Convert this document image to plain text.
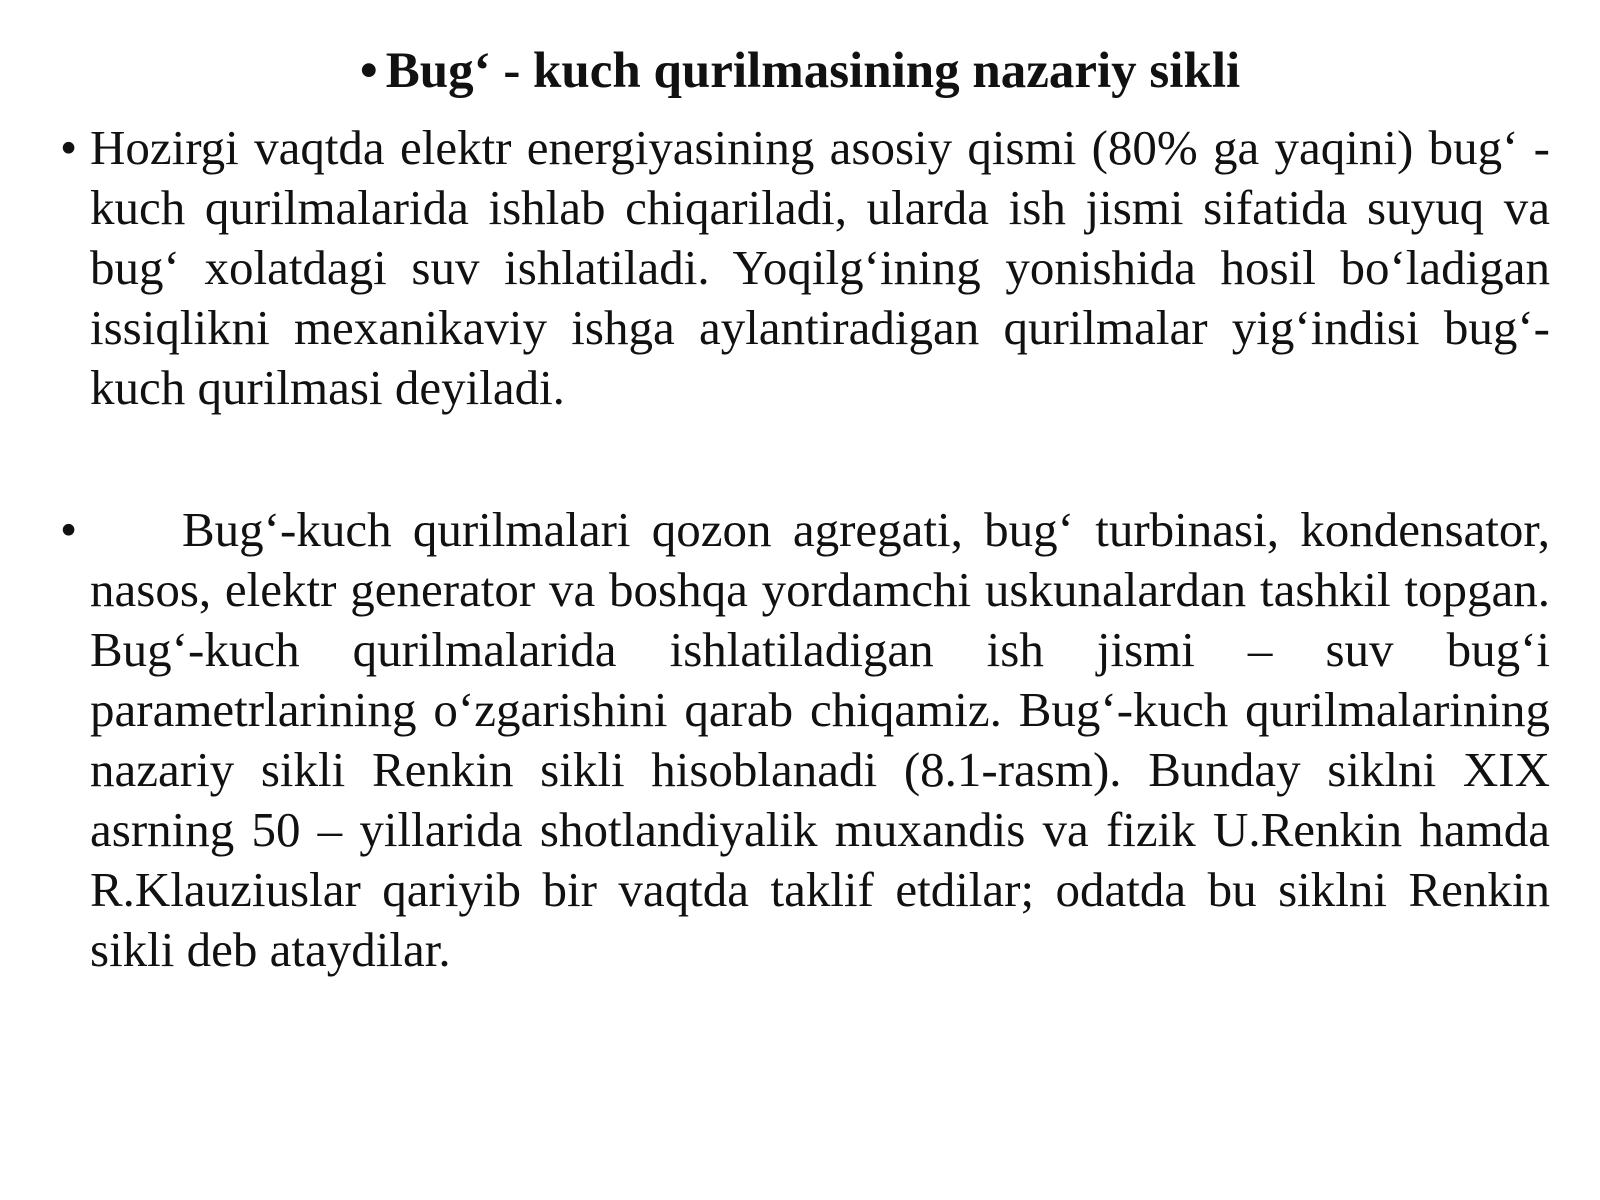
• Bug‘ - kuch qurilmasining nazariy sikli
• Hozirgi vaqtda elektr energiyasining asosiy qismi (80% ga yaqini) bug‘ - kuch qurilmalarida ishlab chiqariladi, ularda ish jismi sifatida suyuq va bug‘ xolatdagi suv ishlatiladi. Yoqilg‘ining yonishida hosil bo‘ladigan issiqlikni mexanikaviy ishga aylantiradigan qurilmalar yig‘indisi bug‘-kuch qurilmasi deyiladi.
•	Bug‘-kuch qurilmalari qozon agregati, bug‘ turbinasi, kondensator, nasos, elektr generator va boshqa yordamchi uskunalardan tashkil topgan. Bug‘-kuch qurilmalarida ishlatiladigan ish jismi – suv bug‘i parametrlarining o‘zgarishini qarab chiqamiz. Bug‘-kuch qurilmalarining nazariy sikli Renkin sikli hisoblanadi (8.1-rasm). Bunday siklni XIX asrning 50 – yillarida shotlandiyalik muxandis va fizik U.Renkin hamda R.Klauziuslar qariyib bir vaqtda taklif etdilar; odatda bu siklni Renkin sikli deb ataydilar.
